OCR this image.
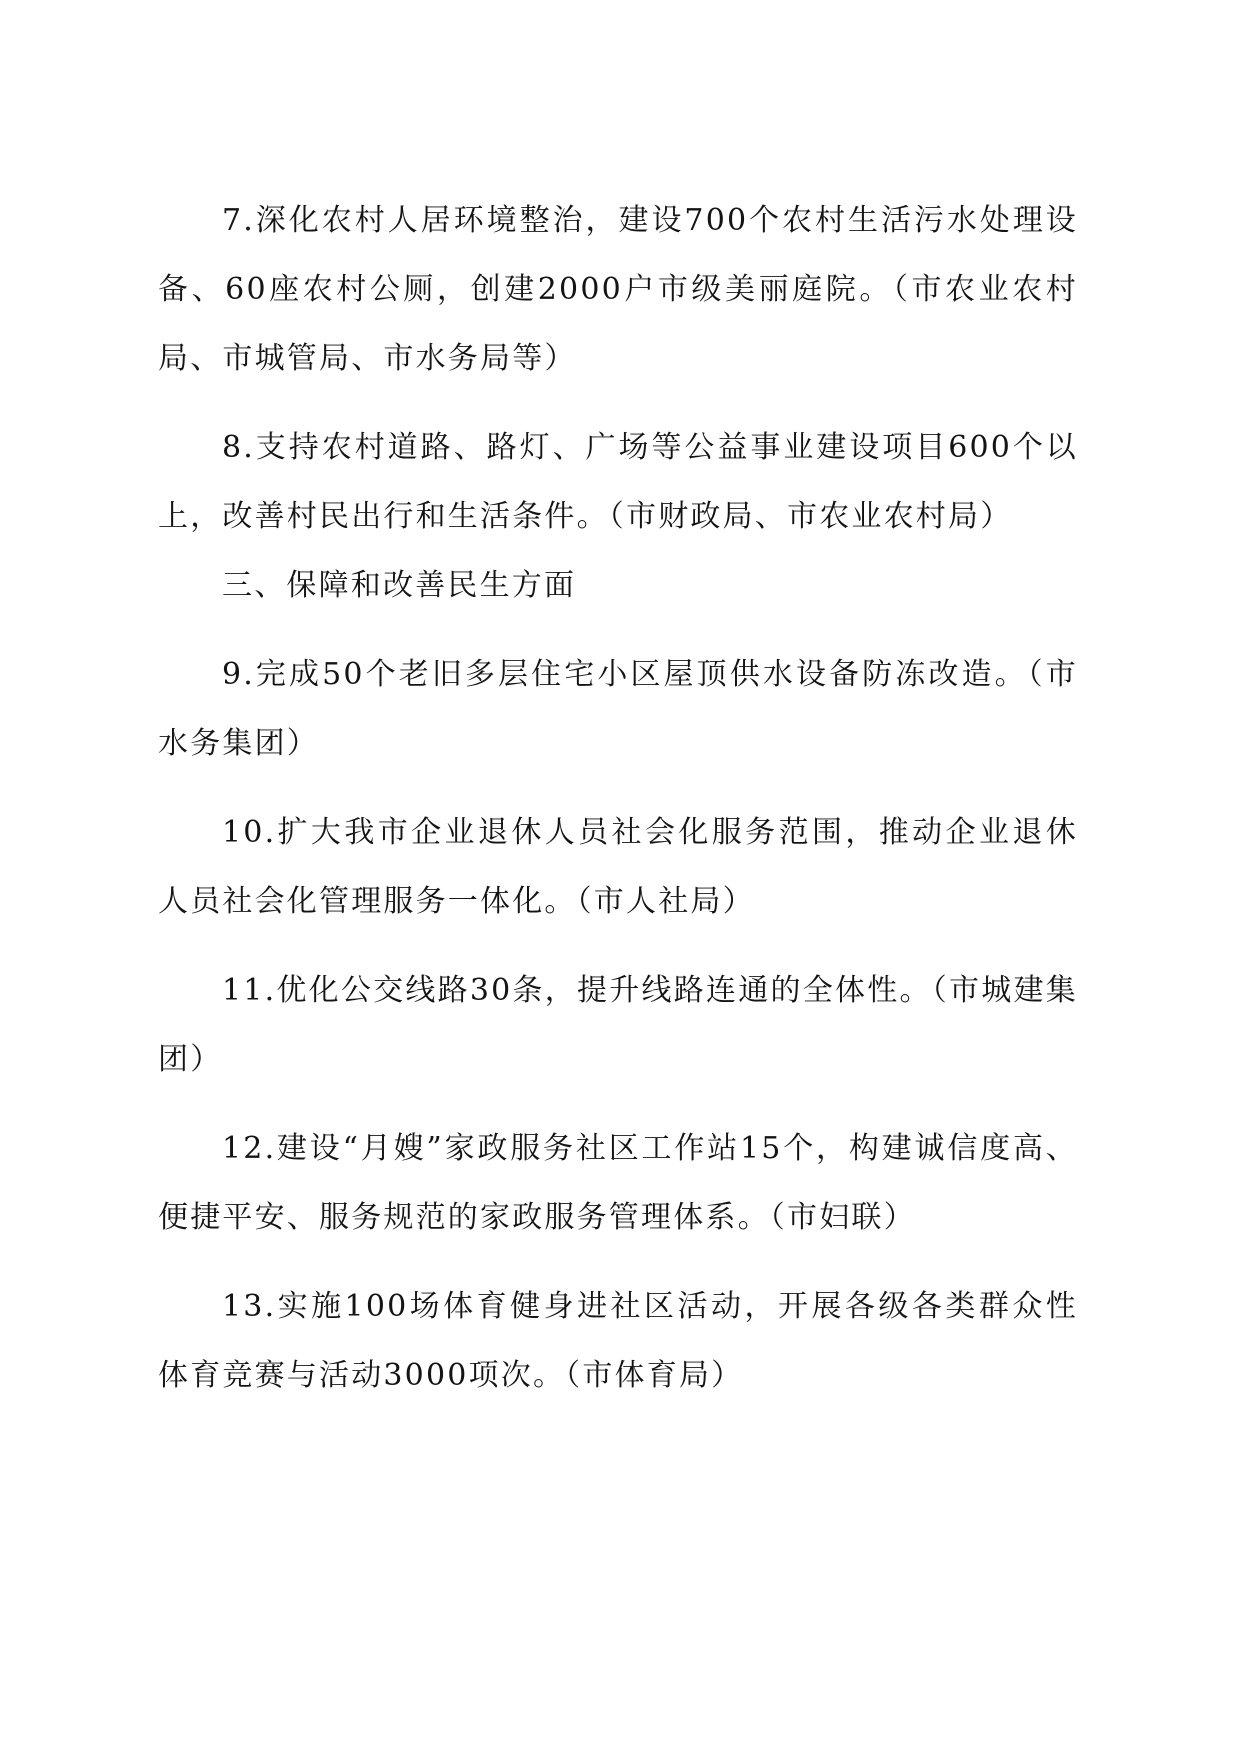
7.深化农村人居环境整治，建设700个农村生活污水处理设备、60座农村公厕，创建2000户市级美丽庭院。（市农业农村局、市城管局、市水务局等）

8.支持农村道路、路灯、广场等公益事业建设项目600个以上，改善村民出行和生活条件。（市财政局、市农业农村局）

三、保障和改善民生方面

9.完成50个老旧多层住宅小区屋顶供水设备防冻改造。（市水务集团）

10.扩大我市企业退休人员社会化服务范围，推动企业退休人员社会化管理服务一体化。（市人社局）

11.优化公交线路30条，提升线路连通的全体性。（市城建集团）

12.建设“月嫂”家政服务社区工作站15个，构建诚信度高、便捷平安、服务规范的家政服务管理体系。（市妇联）

13.实施100场体育健身进社区活动，开展各级各类群众性体育竞赛与活动3000项次。（市体育局）
